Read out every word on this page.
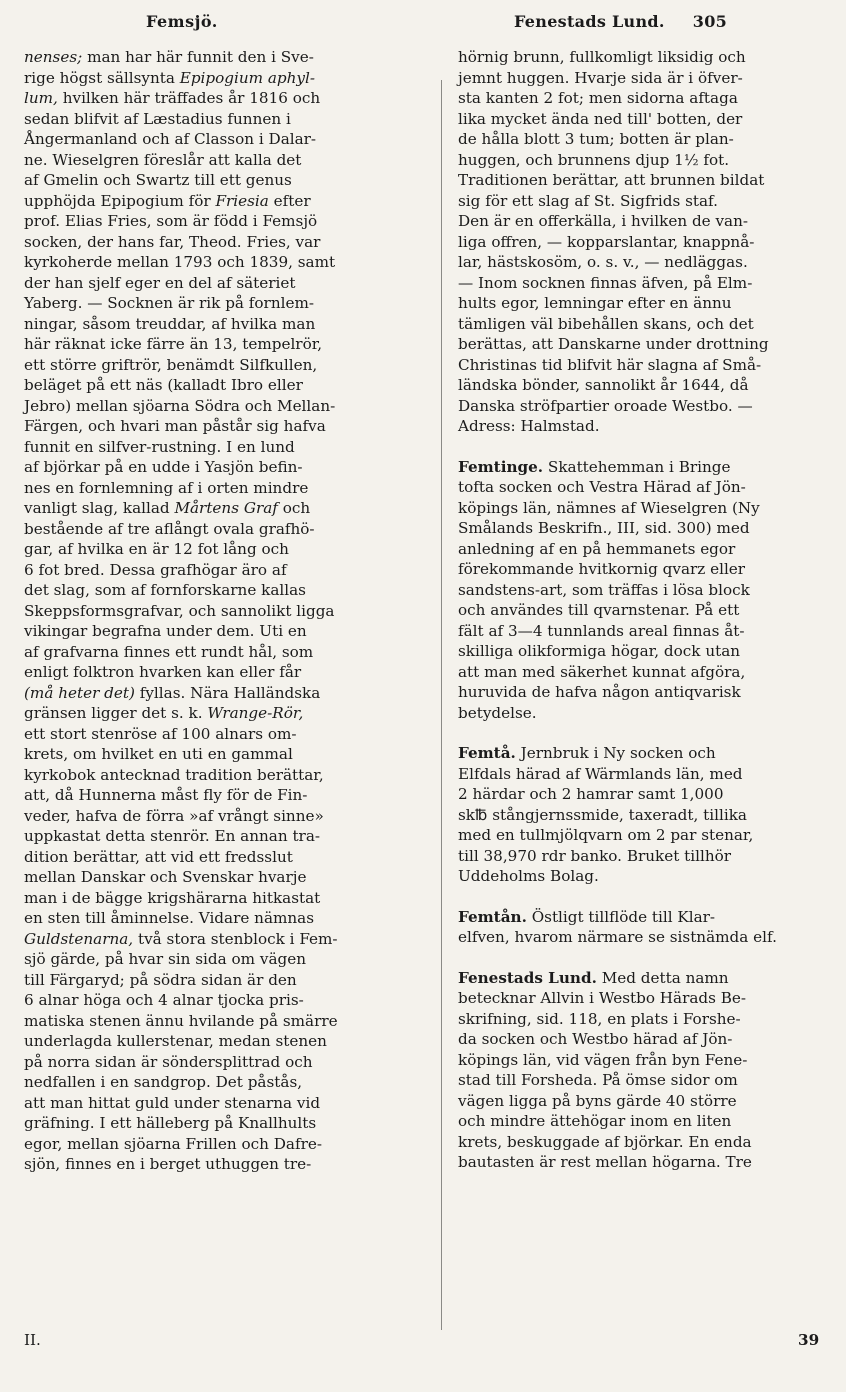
Femsjö.	Fenestads Lund. 305
nenses; man har här funnit den i Sve-
rige högst sällsynta Epipogium aphyl-
lum, hvilken här träffades år 1816 och
sedan blifvit af Læstadius funnen i
Ångermanland och af Classon i Dalar-
ne. Wieselgren föreslår att kalla det
af Gmelin och Swartz till ett genus
upphöjda Epipogium för Friesia efter
prof. Elias Fries, som är född i Femsjö
socken, der hans far, Theod. Fries, var
kyrkoherde mellan 1793 och 1839, samt
der han sjelf eger en del af säteriet
Yaberg. — Socknen är rik på fornlem-
ningar, såsom treuddar, af hvilka man
här räknat icke färre än 13, tempelrör,
ett större griftrör, benämdt Silfkullen,
beläget på ett näs (kalladt Ibro eller
Jebro) mellan sjöarna Södra och Mellan-
Färgen, och hvari man påstår sig hafva
funnit en silfver-rustning. I en lund
af björkar på en udde i Yasjön befin-
nes en fornlemning af i orten mindre
vanligt slag, kallad Mårtens Graf och
bestående af tre aflångt ovala grafhö-
gar, af hvilka en är 12 fot lång och
6 fot bred. Dessa grafhögar äro af
det slag, som af fornforskarne kallas
Skeppsformsgrafvar, och sannolikt ligga
vikingar begrafna under dem. Uti en
af grafvarna finnes ett rundt hål, som
enligt folktron hvarken kan eller får
(må heter det) fyllas. Nära Halländska
gränsen ligger det s. k. Wrange-Rör,
ett stort stenröse af 100 alnars om-
krets, om hvilket en uti en gammal
kyrkobok antecknad tradition berättar,
att, då Hunnerna måst fly för de Fin-
veder, hafva de förra »af vrångt sinne»
uppkastat detta stenrör. En annan tra-
dition berättar, att vid ett fredsslut
mellan Danskar och Svenskar hvarje
man i de bägge krigshärarna hitkastat
en sten till åminnelse. Vidare nämnas
Guldstenarna, två stora stenblock i Fem-
sjö gärde, på hvar sin sida om vägen
till Färgaryd; på södra sidan är den
6 alnar höga och 4 alnar tjocka pris-
matiska stenen ännu hvilande på smärre
underlagda kullerstenar, medan stenen
på norra sidan är söndersplittrad och
nedfallen i en sandgrop. Det påstås,
att man hittat guld under stenarna vid
gräfning. I ett hälleberg på Knallhults
egor, mellan sjöarna Frillen och Dafre-
sjön, finnes en i berget uthuggen tre-
hörnig brunn, fullkomligt liksidig och
jemnt huggen. Hvarje sida är i öfver-
sta kanten 2 fot; men sidorna aftaga
lika mycket ända ned till' botten, der
de hålla blott 3 tum; botten är plan-
huggen, och brunnens djup 1½ fot.
Traditionen berättar, att brunnen bildat
sig för ett slag af St. Sigfrids staf.
Den är en offerkälla, i hvilken de van-
liga offren, — kopparslantar, knappnå-
lar, hästskosöm, o. s. v., — nedläggas.
— Inom socknen finnas äfven, på Elm-
hults egor, lemningar efter en ännu
tämligen väl bibehållen skans, och det
berättas, att Danskarne under drottning
Christinas tid blifvit här slagna af Små-
ländska bönder, sannolikt år 1644, då
Danska ströfpartier oroade Westbo. —
Adress: Halmstad.
Femtinge. Skattehemman i Bringe
tofta socken och Vestra Härad af Jön-
köpings län, nämnes af Wieselgren (Ny
Smålands Beskrifn., III, sid. 300) med
anledning af en på hemmanets egor
förekommande hvitkornig qvarz eller
sandstens-art, som träffas i lösa block
och användes till qvarnstenar. På ett
fält af 3—4 tunnlands areal finnas åt-
skilliga olikformiga högar, dock utan
att man med säkerhet kunnat afgöra,
huruvida de hafva någon antiqvarisk
betydelse.
Femtå. Jernbruk i Ny socken och
Elfdals härad af Wärmlands län, med
2 härdar och 2 hamrar samt 1,000
sk℔ stångjernssmide, taxeradt, tillika
med en tullmjölqvarn om 2 par stenar,
till 38,970 rdr banko. Bruket tillhör
Uddeholms Bolag.
Femtån. Östligt tillflöde till Klar-
elfven, hvarom närmare se sistnämda elf.
Fenestads Lund. Med detta namn
betecknar Allvin i Westbo Härads Be-
skrifning, sid. 118, en plats i Forshe-
da socken och Westbo härad af Jön-
köpings län, vid vägen från byn Fene-
stad till Forsheda. På ömse sidor om
vägen ligga på byns gärde 40 större
och mindre ättehögar inom en liten
krets, beskuggade af björkar. En enda
bautasten är rest mellan högarna. Tre
II.	39
